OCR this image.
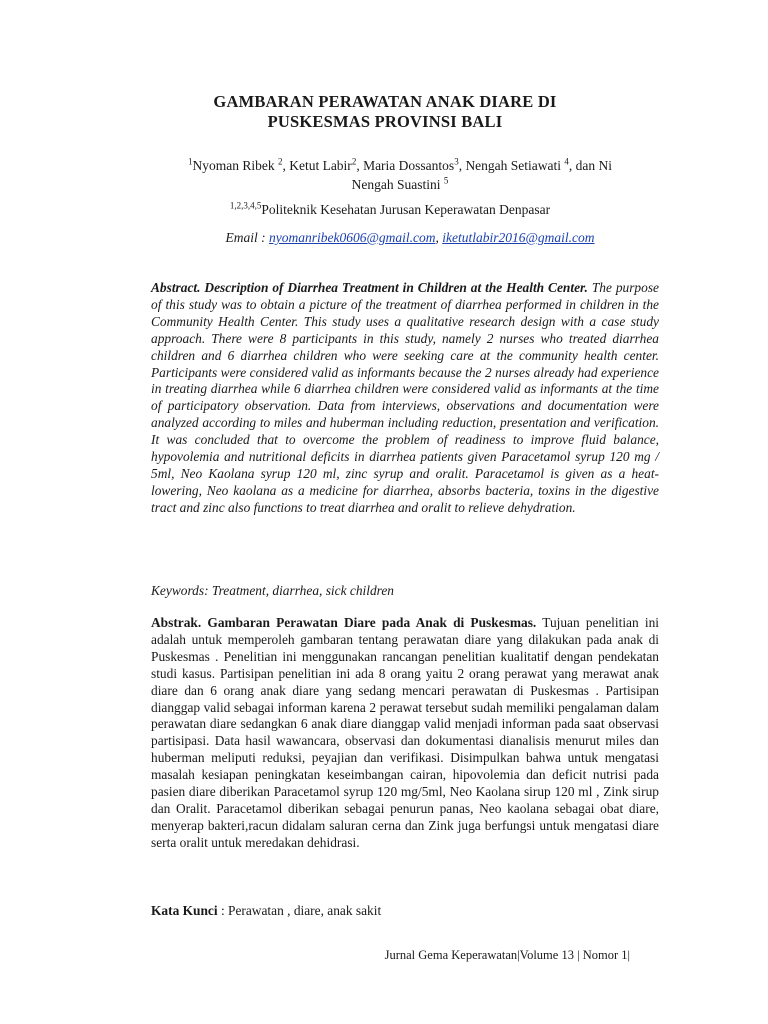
GAMBARAN PERAWATAN ANAK DIARE DI
PUSKESMAS PROVINSI BALI
$^1$Nyoman Ribek $^2$, Ketut Labir$^2$, Maria Dossantos$^3$, Nengah Setiawati $^4$, dan Ni
Nengah Suastini $^5$
$^{1,2,3,4,5}$Politeknik Kesehatan Jurusan Keperawatan Denpasar
Email : nyomanribek0606@gmail.com, iketutlabir2016@gmail.com
Abstract. Description of Diarrhea Treatment in Children at the Health Center. The purpose of this study was to obtain a picture of the treatment of diarrhea performed in children in the Community Health Center. This study uses a qualitative research design with a case study approach. There were 8 participants in this study, namely 2 nurses who treated diarrhea children and 6 diarrhea children who were seeking care at the community health center. Participants were considered valid as informants because the 2 nurses already had experience in treating diarrhea while 6 diarrhea children were considered valid as informants at the time of participatory observation. Data from interviews, observations and documentation were analyzed according to miles and huberman including reduction, presentation and verification. It was concluded that to overcome the problem of readiness to improve fluid balance, hypovolemia and nutritional deficits in diarrhea patients given Paracetamol syrup 120 mg / 5ml, Neo Kaolana syrup 120 ml, zinc syrup and oralit. Paracetamol is given as a heat-lowering, Neo kaolana as a medicine for diarrhea, absorbs bacteria, toxins in the digestive tract and zinc also functions to treat diarrhea and oralit to relieve dehydration.
Keywords: Treatment, diarrhea, sick children
Abstrak. Gambaran Perawatan Diare pada Anak di Puskesmas. Tujuan penelitian ini adalah untuk memperoleh gambaran tentang perawatan diare yang dilakukan pada anak di Puskesmas . Penelitian ini menggunakan rancangan penelitian kualitatif dengan pendekatan studi kasus. Partisipan penelitian ini ada 8 orang yaitu 2 orang perawat yang merawat anak diare dan 6 orang anak diare yang sedang mencari perawatan di Puskesmas . Partisipan dianggap valid sebagai informan karena 2 perawat tersebut sudah memiliki pengalaman dalam perawatan diare sedangkan 6 anak diare dianggap valid menjadi informan pada saat observasi partisipasi. Data hasil wawancara, observasi dan dokumentasi dianalisis menurut miles dan huberman meliputi reduksi, peyajian dan verifikasi. Disimpulkan bahwa untuk mengatasi masalah kesiapan peningkatan keseimbangan cairan, hipovolemia dan deficit nutrisi pada pasien diare diberikan Paracetamol syrup 120 mg/5ml, Neo Kaolana sirup 120 ml , Zink sirup dan Oralit. Paracetamol diberikan sebagai penurun panas, Neo kaolana sebagai obat diare, menyerap bakteri,racun didalam saluran cerna dan Zink juga berfungsi untuk mengatasi diare serta oralit untuk meredakan dehidrasi.
Kata Kunci : Perawatan , diare, anak sakit
Jurnal Gema Keperawatan|Volume 13 | Nomor 1|
